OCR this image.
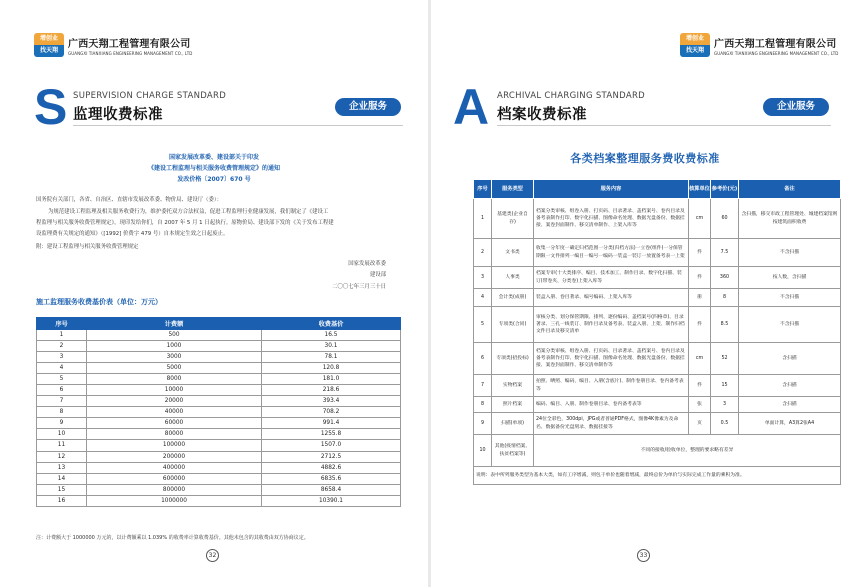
增创业
找天翔
广西天翔工程管理有限公司
GUANGXI TIANXIANG ENGINEERING MANAGEMENT CO., LTD
S SUPERVISION CHARGE STANDARD
监理收费标准
企业服务
国家发展改革委、建设部关于印发
《建设工程监理与相关服务收费管理规定》的通知
发改价格〔2007〕670 号
国务院有关部门，各省、自治区、直辖市发展改革委、物价局、建设厅（委）：
为规范建设工程监理及相关服务收费行为，维护委托双方合法权益，促进工程监理行业健康发展，我们制定了《建设工
程监理与相关服务收费管理规定》，现印发给你们，自 2007 年 5 月 1 日起执行。原物价局、建设部下发的《关于发布工程建
设监理费有关规定的通知》（[1992] 价费字 479 号）自本规定生效之日起废止。
附：建设工程监理与相关服务收费管理规定
国家发展改革委
建设部
二〇〇七年三月三十日
施工监理服务收费基价表（单位：万元）
序号	计费额	收费基价
1	500	16.5
2	1000	30.1
3	3000	78.1
4	5000	120.8
5	8000	181.0
6	10000	218.6
7	20000	393.4
8	40000	708.2
9	60000	991.4
10	80000	1255.8
11	100000	1507.0
12	200000	2712.5
13	400000	4882.6
14	600000	6835.6
15	800000	8658.4
16	1000000	10390.1
注：计费额大于 1000000 万元的，以计费额乘以 1.039% 的收费率计算收费基价。其他未包含的其收费由双方协商议定。
32
增创业
找天翔
广西天翔工程管理有限公司
GUANGXI TIANXIANG ENGINEERING MANAGEMENT CO., LTD
A ARCHIVAL CHARGING STANDARD
档案收费标准
企业服务
各类档案整理服务费收费标准
序号	服务类型	服务内容	核算单位	参考价(元)	备注
1	基建类(企业自存)	档案分类审核、组卷入册、打页码、目录著录、盖档案号、卷内目录及备考表制作打印、数字化扫描、图像命名处理、数据光盘备份、数据挂接、案卷封面制作、移交清单制作、上架入库等	cm	60	含扫描，移交市政工程管理处、城建档案馆则按建筑面积收费
2	文书类	收集一分年度一确定归档范围一分类(归档方法)一立卷(组件)一分保管期限一文件排列一编目一编号一编码一装盒一装订一放置备考表一上架	件	7.5	不含扫描
3	人事类	档案专审(十大类排序、编目、技术加工、制作目录、数字化扫描、装订(带卷夹、分类卷)上架入库等	件	360	按人数，含扫描
4	会计类(成册)	装盒入册、卷目著录、编号编码、上架入库等	册	8	不含扫描
5	专项类(合同)	审核分类、划分保管期限、排列、逐份编码、盖档案号(四格章)、目录著录、三孔一线装订、制作目录及备考表、装盒入册、上架、制作归档文件目录及移交清单	件	8.5	不含扫描
6	专项类(招投标)	档案分类审核、组卷入册、打页码、目录著录、盖档案号、卷内目录及备考表制作打印、数字化扫描、图像命名处理、数据光盘备份、数据挂接、案卷封面制作、移交清单制作等	cm	52	含扫描
7	实物档案	拍照、晒照、编码、编目、入册(含底片)、制作卷册目录、卷内备考表等	件	15	含扫描
8	照片档案	编码、编目、入册、制作卷册目录、卷内备考表等	张	3	含扫描
9	扫描(单项)	24位全彩色，300dpi，JPG或者普通PDF格式，图像4K像素为及命名、数据备份光盘刻录、数据挂接等	页	0.5	单面计算，A3算2张A4
10	其他(疫情档案、扶贫档案等)	不同的接收/验收单位，整理的要求略有差异			
说明：表中所列服务类型为基本大类，如有工序增减，则包干单价也随着增减，最终总价为单价与实际完成工作量的乘积为准。					
33
